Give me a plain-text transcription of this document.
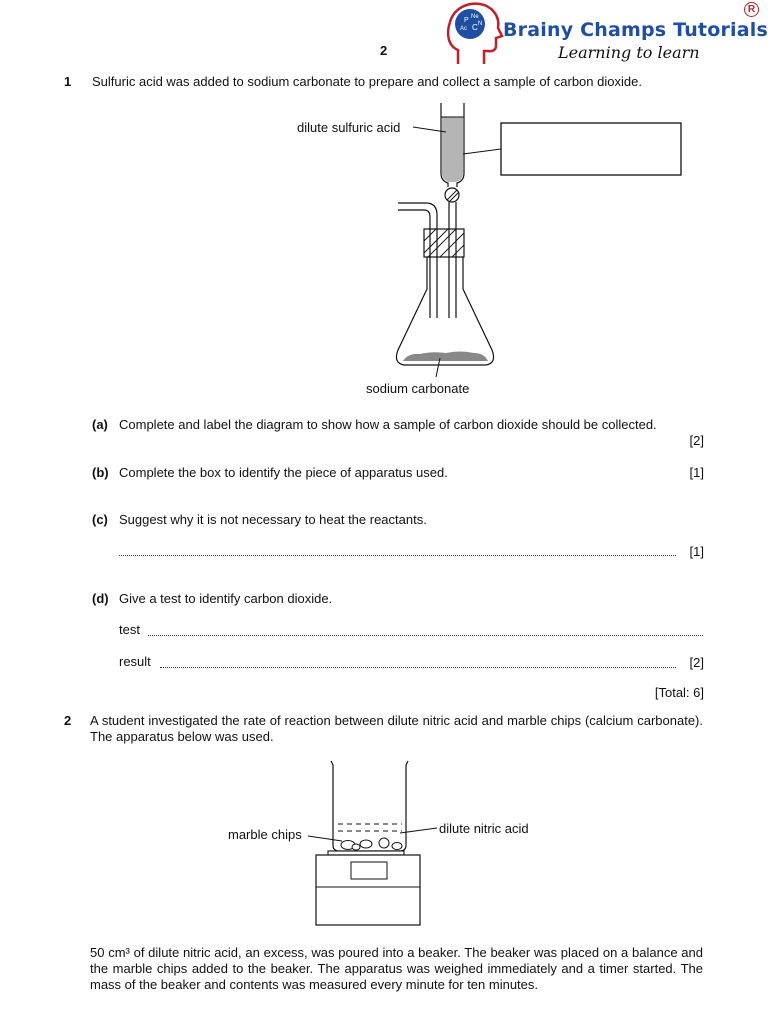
P Ne
Ac C N Brainy Champs Tutorials
Learning to learn
R
2
1 Sulfuric acid was added to sodium carbonate to prepare and collect a sample of carbon dioxide.
dilute sulfuric acid
sodium carbonate
(a) Complete and label the diagram to show how a sample of carbon dioxide should be collected.
[2]
(b) Complete the box to identify the piece of apparatus used.	[1]
(c) Suggest why it is not necessary to heat the reactants.
[1]
(d) Give a test to identify carbon dioxide.
test
result	[2]
[Total: 6]
2 A student investigated the rate of reaction between dilute nitric acid and marble chips (calcium carbonate). The apparatus below was used.
marble chips	dilute nitric acid
50 cm³ of dilute nitric acid, an excess, was poured into a beaker. The beaker was placed on a balance and the marble chips added to the beaker. The apparatus was weighed immediately and a timer started. The mass of the beaker and contents was measured every minute for ten minutes.
